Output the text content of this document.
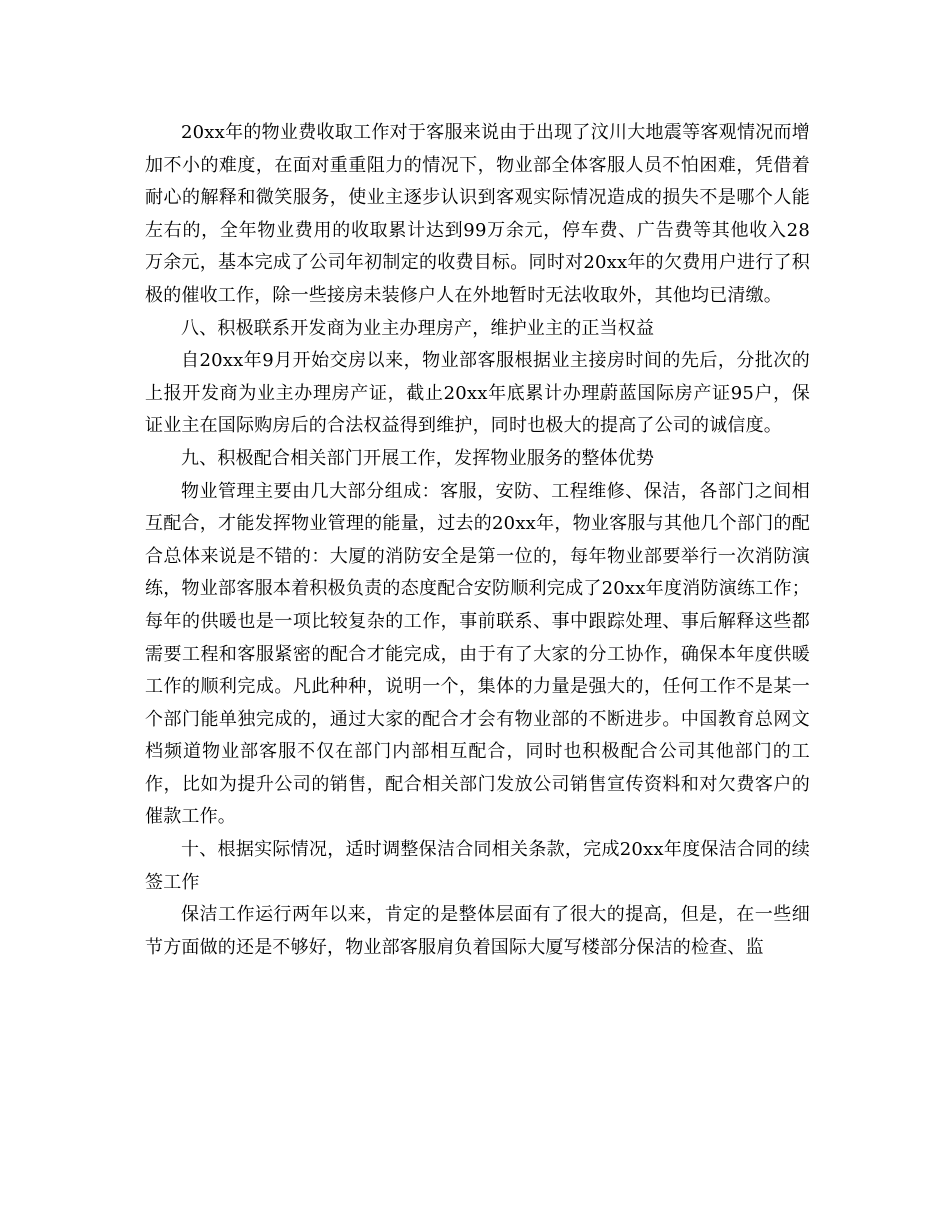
20xx年的物业费收取工作对于客服来说由于出现了汶川大地震等客观情况而增加不小的难度，在面对重重阻力的情况下，物业部全体客服人员不怕困难，凭借着耐心的解释和微笑服务，使业主逐步认识到客观实际情况造成的损失不是哪个人能左右的，全年物业费用的收取累计达到99万余元，停车费、广告费等其他收入28万余元，基本完成了公司年初制定的收费目标。同时对20xx年的欠费用户进行了积极的催收工作，除一些接房未装修户人在外地暂时无法收取外，其他均已清缴。

八、积极联系开发商为业主办理房产，维护业主的正当权益

自20xx年9月开始交房以来，物业部客服根据业主接房时间的先后，分批次的上报开发商为业主办理房产证，截止20xx年底累计办理蔚蓝国际房产证95户，保证业主在国际购房后的合法权益得到维护，同时也极大的提高了公司的诚信度。

九、积极配合相关部门开展工作，发挥物业服务的整体优势

物业管理主要由几大部分组成：客服，安防、工程维修、保洁，各部门之间相互配合，才能发挥物业管理的能量，过去的20xx年，物业客服与其他几个部门的配合总体来说是不错的：大厦的消防安全是第一位的，每年物业部要举行一次消防演练，物业部客服本着积极负责的态度配合安防顺利完成了20xx年度消防演练工作；每年的供暖也是一项比较复杂的工作，事前联系、事中跟踪处理、事后解释这些都需要工程和客服紧密的配合才能完成，由于有了大家的分工协作，确保本年度供暖工作的顺利完成。凡此种种，说明一个，集体的力量是强大的，任何工作不是某一个部门能单独完成的，通过大家的配合才会有物业部的不断进步。中国教育总网文档频道物业部客服不仅在部门内部相互配合，同时也积极配合公司其他部门的工作，比如为提升公司的销售，配合相关部门发放公司销售宣传资料和对欠费客户的催款工作。

十、根据实际情况，适时调整保洁合同相关条款，完成20xx年度保洁合同的续签工作

保洁工作运行两年以来，肯定的是整体层面有了很大的提高，但是，在一些细节方面做的还是不够好，物业部客服肩负着国际大厦写楼部分保洁的检查、监
